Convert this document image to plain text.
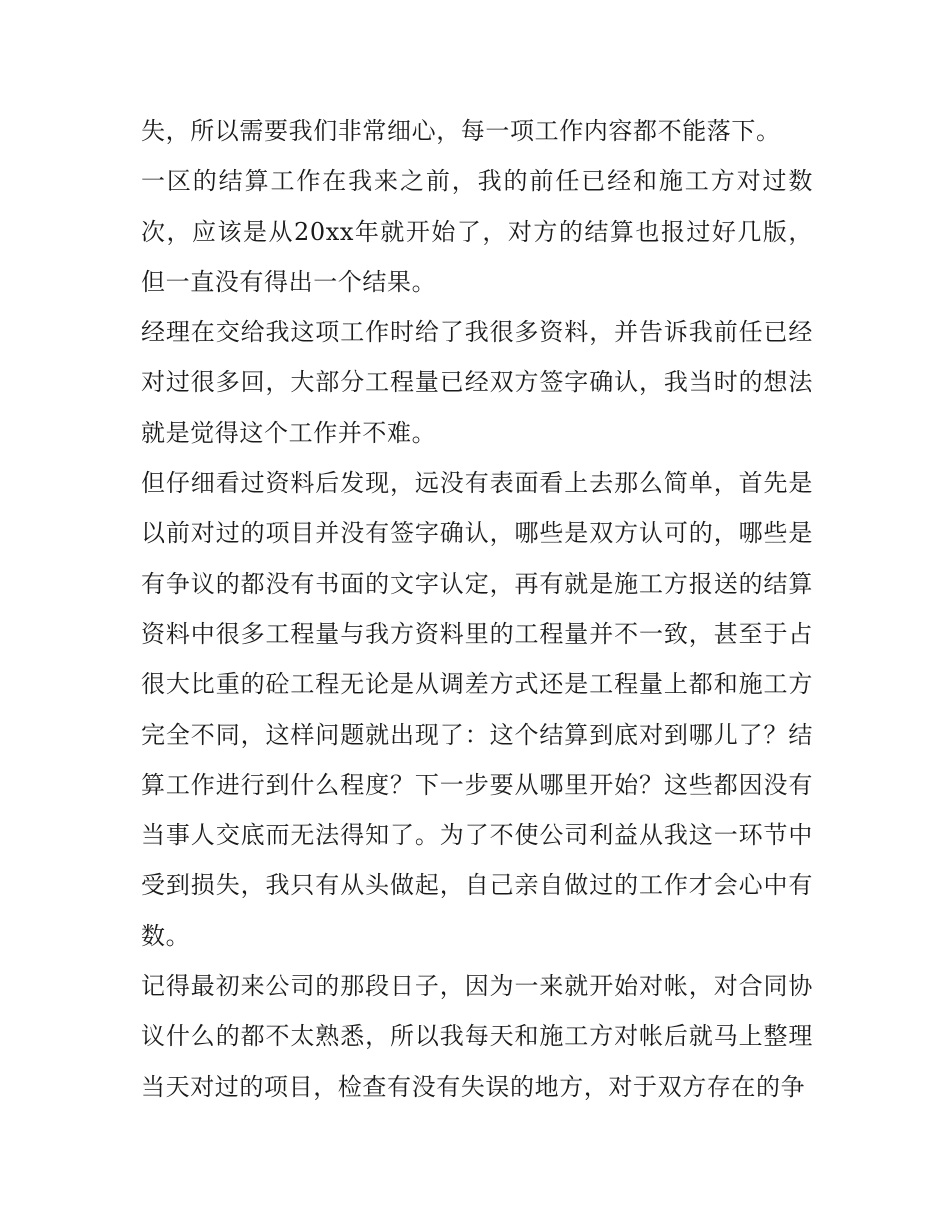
失，所以需要我们非常细心，每一项工作内容都不能落下。

一区的结算工作在我来之前，我的前任已经和施工方对过数次，应该是从20xx年就开始了，对方的结算也报过好几版，但一直没有得出一个结果。

经理在交给我这项工作时给了我很多资料，并告诉我前任已经对过很多回，大部分工程量已经双方签字确认，我当时的想法就是觉得这个工作并不难。

但仔细看过资料后发现，远没有表面看上去那么简单，首先是以前对过的项目并没有签字确认，哪些是双方认可的，哪些是有争议的都没有书面的文字认定，再有就是施工方报送的结算资料中很多工程量与我方资料里的工程量并不一致，甚至于占很大比重的砼工程无论是从调差方式还是工程量上都和施工方完全不同，这样问题就出现了：这个结算到底对到哪儿了？结算工作进行到什么程度？下一步要从哪里开始？这些都因没有当事人交底而无法得知了。为了不使公司利益从我这一环节中受到损失，我只有从头做起，自己亲自做过的工作才会心中有数。

记得最初来公司的那段日子，因为一来就开始对帐，对合同协议什么的都不太熟悉，所以我每天和施工方对帐后就马上整理当天对过的项目，检查有没有失误的地方，对于双方存在的争
